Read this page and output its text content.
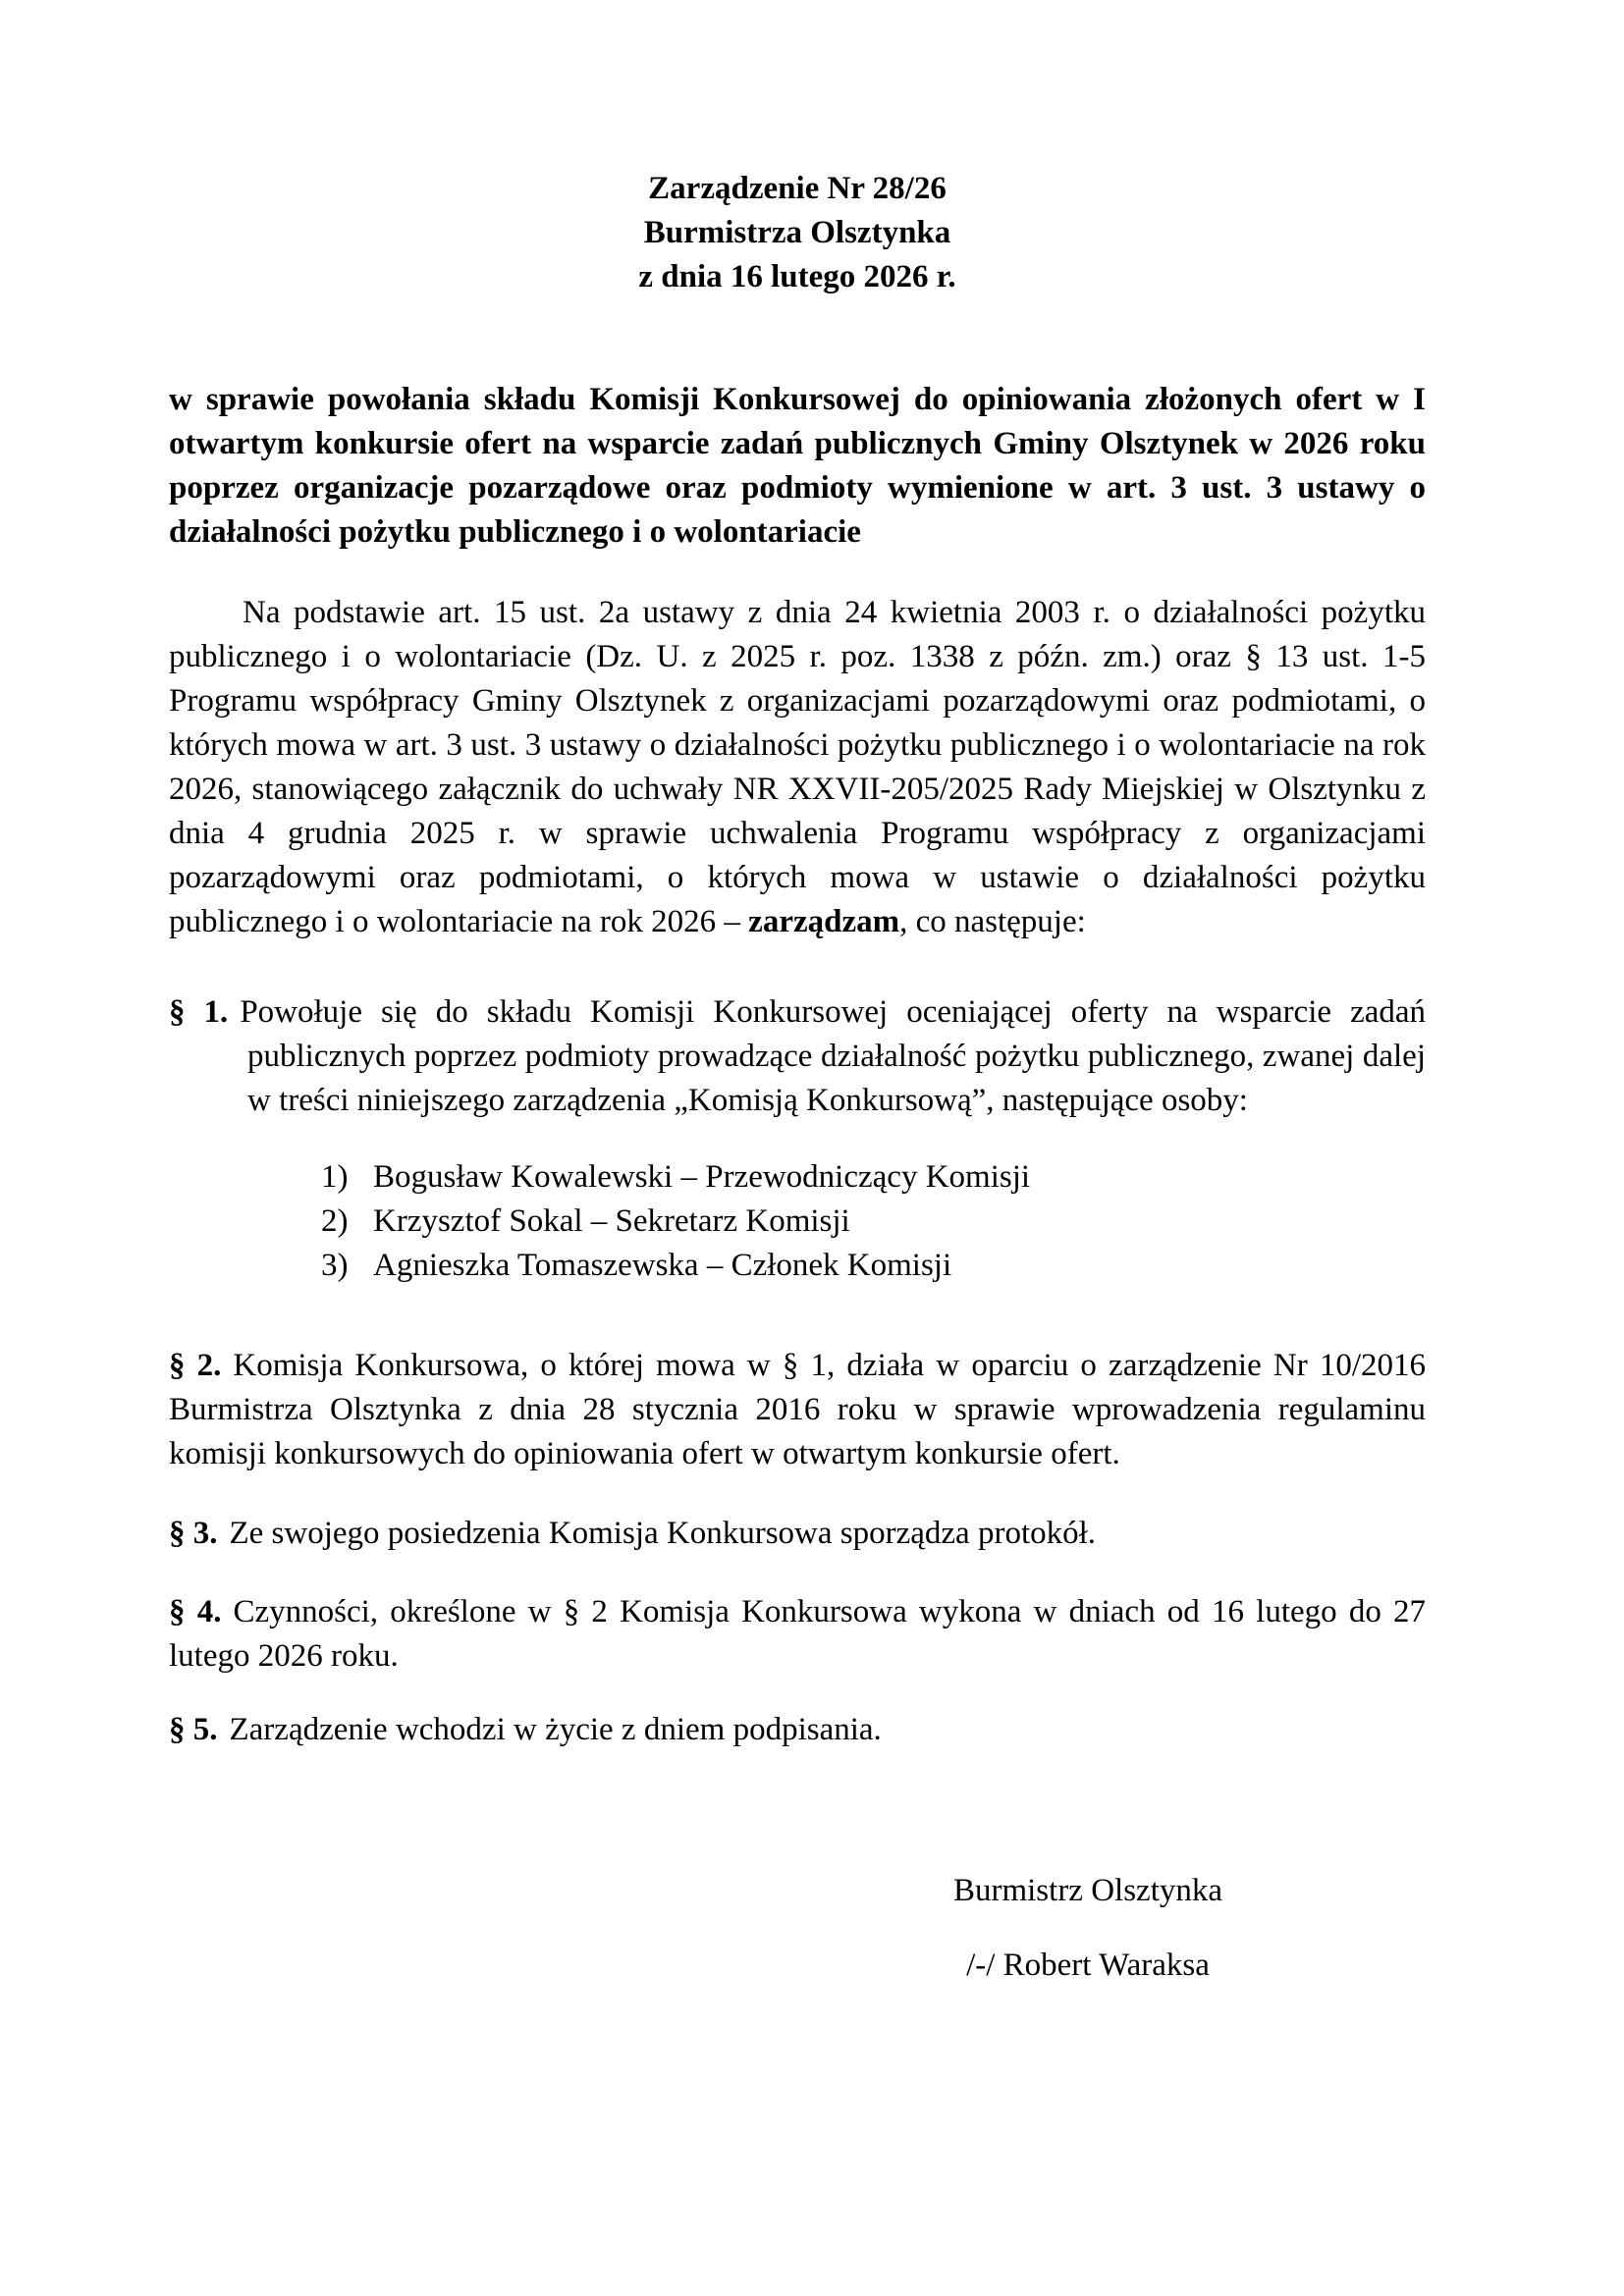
Zarządzenie Nr 28/26
Burmistrza Olsztynka
z dnia 16 lutego 2026 r.
w sprawie powołania składu Komisji Konkursowej do opiniowania złożonych ofert w I otwartym konkursie ofert na wsparcie zadań publicznych Gminy Olsztynek w 2026 roku poprzez organizacje pozarządowe oraz podmioty wymienione w art. 3 ust. 3 ustawy o działalności pożytku publicznego i o wolontariacie
Na podstawie art. 15 ust. 2a ustawy z dnia 24 kwietnia 2003 r. o działalności pożytku publicznego i o wolontariacie (Dz. U. z 2025 r. poz. 1338 z późn. zm.) oraz § 13 ust. 1-5 Programu współpracy Gminy Olsztynek z organizacjami pozarządowymi oraz podmiotami, o których mowa w art. 3 ust. 3 ustawy o działalności pożytku publicznego i o wolontariacie na rok 2026, stanowiącego załącznik do uchwały NR XXVII-205/2025 Rady Miejskiej w Olsztynku z dnia 4 grudnia 2025 r. w sprawie uchwalenia Programu współpracy z organizacjami pozarządowymi oraz podmiotami, o których mowa w ustawie o działalności pożytku publicznego i o wolontariacie na rok 2026 – zarządzam, co następuje:
§ 1. Powołuje się do składu Komisji Konkursowej oceniającej oferty na wsparcie zadań publicznych poprzez podmioty prowadzące działalność pożytku publicznego, zwanej dalej w treści niniejszego zarządzenia „Komisją Konkursową”, następujące osoby:
1) Bogusław Kowalewski – Przewodniczący Komisji
2) Krzysztof Sokal – Sekretarz Komisji
3) Agnieszka Tomaszewska – Członek Komisji
§ 2. Komisja Konkursowa, o której mowa w § 1, działa w oparciu o zarządzenie Nr 10/2016 Burmistrza Olsztynka z dnia 28 stycznia 2016 roku w sprawie wprowadzenia regulaminu komisji konkursowych do opiniowania ofert w otwartym konkursie ofert.
§ 3. Ze swojego posiedzenia Komisja Konkursowa sporządza protokół.
§ 4. Czynności, określone w § 2 Komisja Konkursowa wykona w dniach od 16 lutego do 27 lutego 2026 roku.
§ 5. Zarządzenie wchodzi w życie z dniem podpisania.
Burmistrz Olsztynka
/-/ Robert Waraksa
